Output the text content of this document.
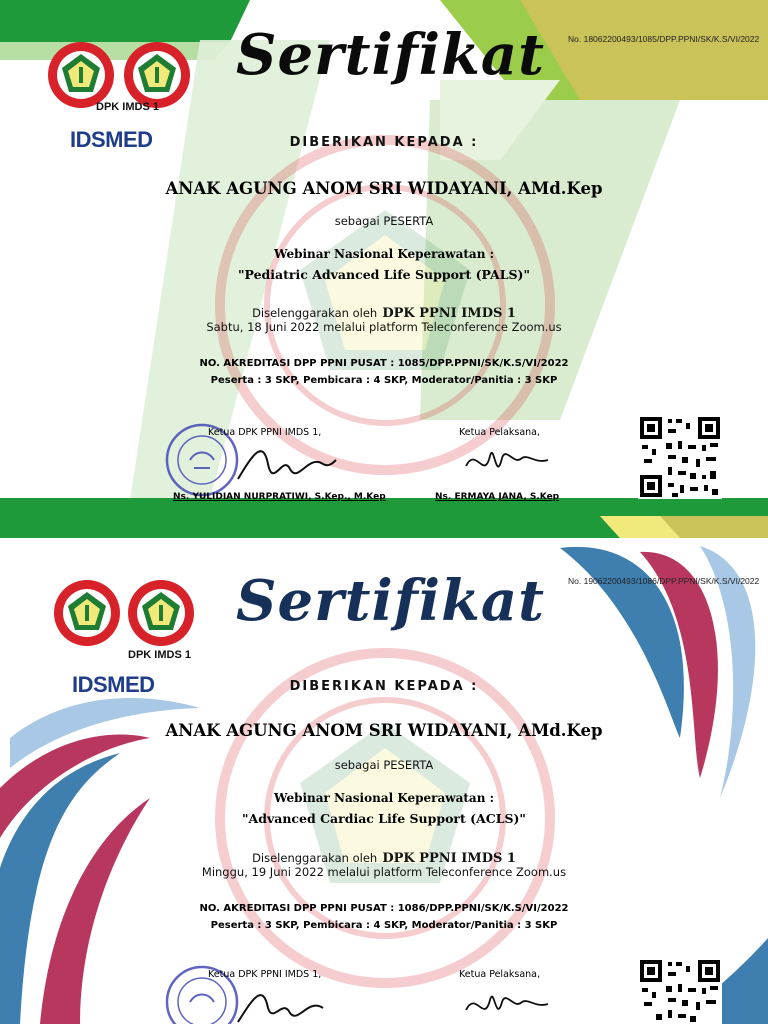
DPK IMDS 1
IDSMED
Sertifikat	No. 18062200493/1085/DPP.PPNI/SK/K.S/VI/2022
DIBERIKAN KEPADA :
ANAK AGUNG ANOM SRI WIDAYANI, AMd.Kep
sebagai PESERTA
Webinar Nasional Keperawatan :
"Pediatric Advanced Life Support (PALS)"
Diselenggarakan oleh DPK PPNI IMDS 1
Sabtu, 18 Juni 2022 melalui platform Teleconference Zoom.us
NO. AKREDITASI DPP PPNI PUSAT : 1085/DPP.PPNI/SK/K.S/VI/2022
Peserta : 3 SKP, Pembicara : 4 SKP, Moderator/Panitia : 3 SKP
Ketua DPK PPNI IMDS 1,
Ns. YULIDIAN NURPRATIWI, S.Kep., M.Kep
Ketua Pelaksana,
Ns. ERMAYA JANA, S.Kep
DPK IMDS 1
IDSMED
Sertifikat	No. 19062200493/1086/DPP.PPNI/SK/K.S/VI/2022
DIBERIKAN KEPADA :
ANAK AGUNG ANOM SRI WIDAYANI, AMd.Kep
sebagai PESERTA
Webinar Nasional Keperawatan :
"Advanced Cardiac Life Support (ACLS)"
Diselenggarakan oleh DPK PPNI IMDS 1
Minggu, 19 Juni 2022 melalui platform Teleconference Zoom.us
NO. AKREDITASI DPP PPNI PUSAT : 1086/DPP.PPNI/SK/K.S/VI/2022
Peserta : 3 SKP, Pembicara : 4 SKP, Moderator/Panitia : 3 SKP
Ketua DPK PPNI IMDS 1,	Ketua Pelaksana,
